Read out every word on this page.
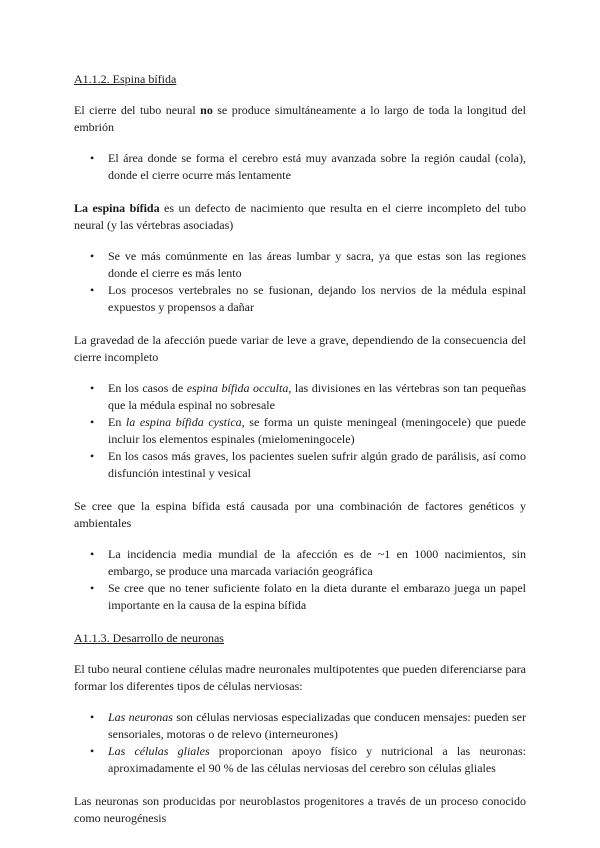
A1.1.2. Espina bífida

El cierre del tubo neural no se produce simultáneamente a lo largo de toda la longitud del embrión

• El área donde se forma el cerebro está muy avanzada sobre la región caudal (cola), donde el cierre ocurre más lentamente

La espina bífida es un defecto de nacimiento que resulta en el cierre incompleto del tubo neural (y las vértebras asociadas)

• Se ve más comúnmente en las áreas lumbar y sacra, ya que estas son las regiones donde el cierre es más lento
• Los procesos vertebrales no se fusionan, dejando los nervios de la médula espinal expuestos y propensos a dañar

La gravedad de la afección puede variar de leve a grave, dependiendo de la consecuencia del cierre incompleto

• En los casos de espina bífida occulta, las divisiones en las vértebras son tan pequeñas que la médula espinal no sobresale
• En la espina bífida cystica, se forma un quiste meningeal (meningocele) que puede incluir los elementos espinales (mielomeningocele)
• En los casos más graves, los pacientes suelen sufrir algún grado de parálisis, así como disfunción intestinal y vesical

Se cree que la espina bífida está causada por una combinación de factores genéticos y ambientales

• La incidencia media mundial de la afección es de ~1 en 1000 nacimientos, sin embargo, se produce una marcada variación geográfica
• Se cree que no tener suficiente folato en la dieta durante el embarazo juega un papel importante en la causa de la espina bífida
A1.1.3. Desarrollo de neuronas

El tubo neural contiene células madre neuronales multipotentes que pueden diferenciarse para formar los diferentes tipos de células nerviosas:

• Las neuronas son células nerviosas especializadas que conducen mensajes: pueden ser sensoriales, motoras o de relevo (interneurones)
• Las células gliales proporcionan apoyo físico y nutricional a las neuronas: aproximadamente el 90 % de las células nerviosas del cerebro son células gliales

Las neuronas son producidas por neuroblastos progenitores a través de un proceso conocido como neurogénesis
